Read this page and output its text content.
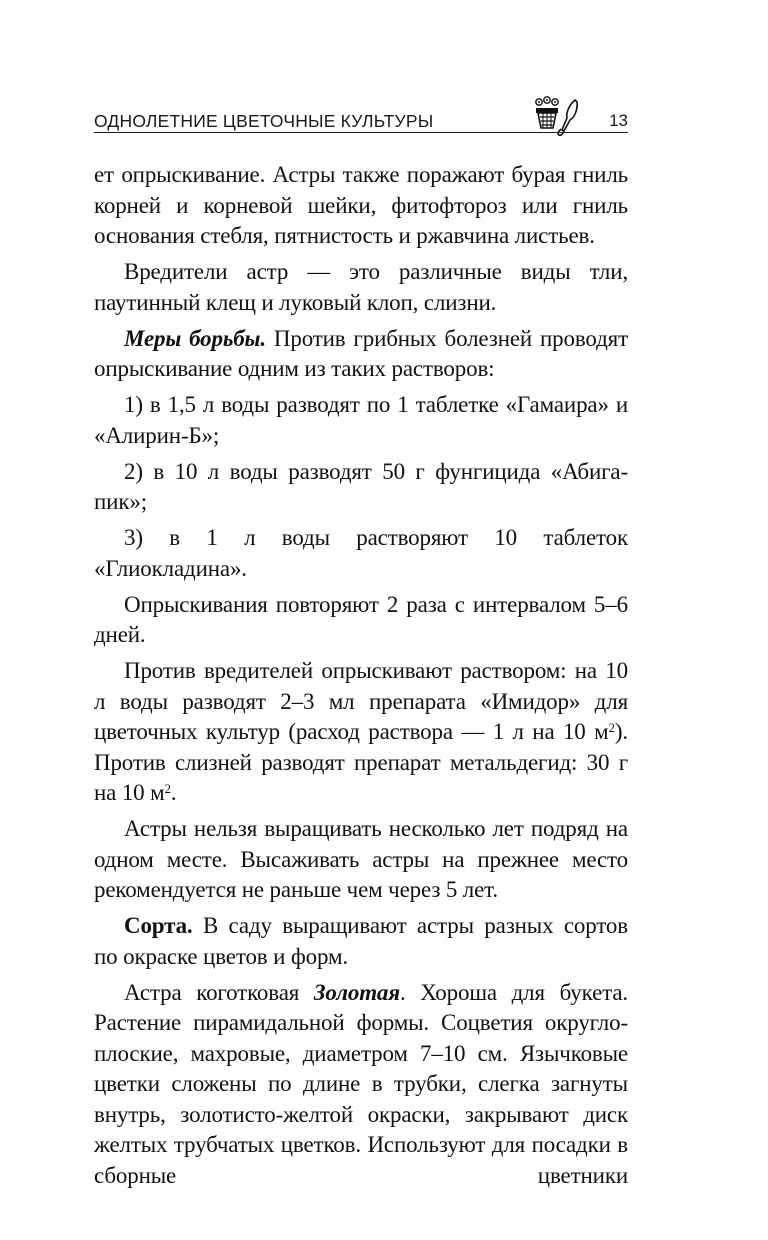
ОДНОЛЕТНИЕ ЦВЕТОЧНЫЕ КУЛЬТУРЫ	13

ет опрыскивание. Астры также поражают бурая гниль корней и корневой шейки, фитофтороз или гниль основания стебля, пятнистость и ржавчина листьев.

Вредители астр — это различные виды тли, паутинный клещ и луковый клоп, слизни.

Меры борьбы. Против грибных болезней проводят опрыскивание одним из таких растворов:

1) в 1,5 л воды разводят по 1 таблетке «Гамаира» и «Алирин-Б»;

2) в 10 л воды разводят 50 г фунгицида «Абига-пик»;

3) в 1 л воды растворяют 10 таблеток «Глиокладина».

Опрыскивания повторяют 2 раза с интервалом 5–6 дней.

Против вредителей опрыскивают раствором: на 10 л воды разводят 2–3 мл препарата «Имидор» для цветочных культур (расход раствора — 1 л на 10 $м^2$). Против слизней разводят препарат метальдегид: 30 г на 10 $м^2$.

Астры нельзя выращивать несколько лет подряд на одном месте. Высаживать астры на прежнее место рекомендуется не раньше чем через 5 лет.

Сорта. В саду выращивают астры разных сортов по окраске цветов и форм.

Астра коготковая Золотая. Хороша для букета. Растение пирамидальной формы. Соцветия округло-плоские, махровые, диаметром 7–10 см. Язычковые цветки сложены по длине в трубки, слегка загнуты внутрь, золотисто-желтой окраски, закрывают диск желтых трубчатых цветков. Используют для посадки в сборные цветники
